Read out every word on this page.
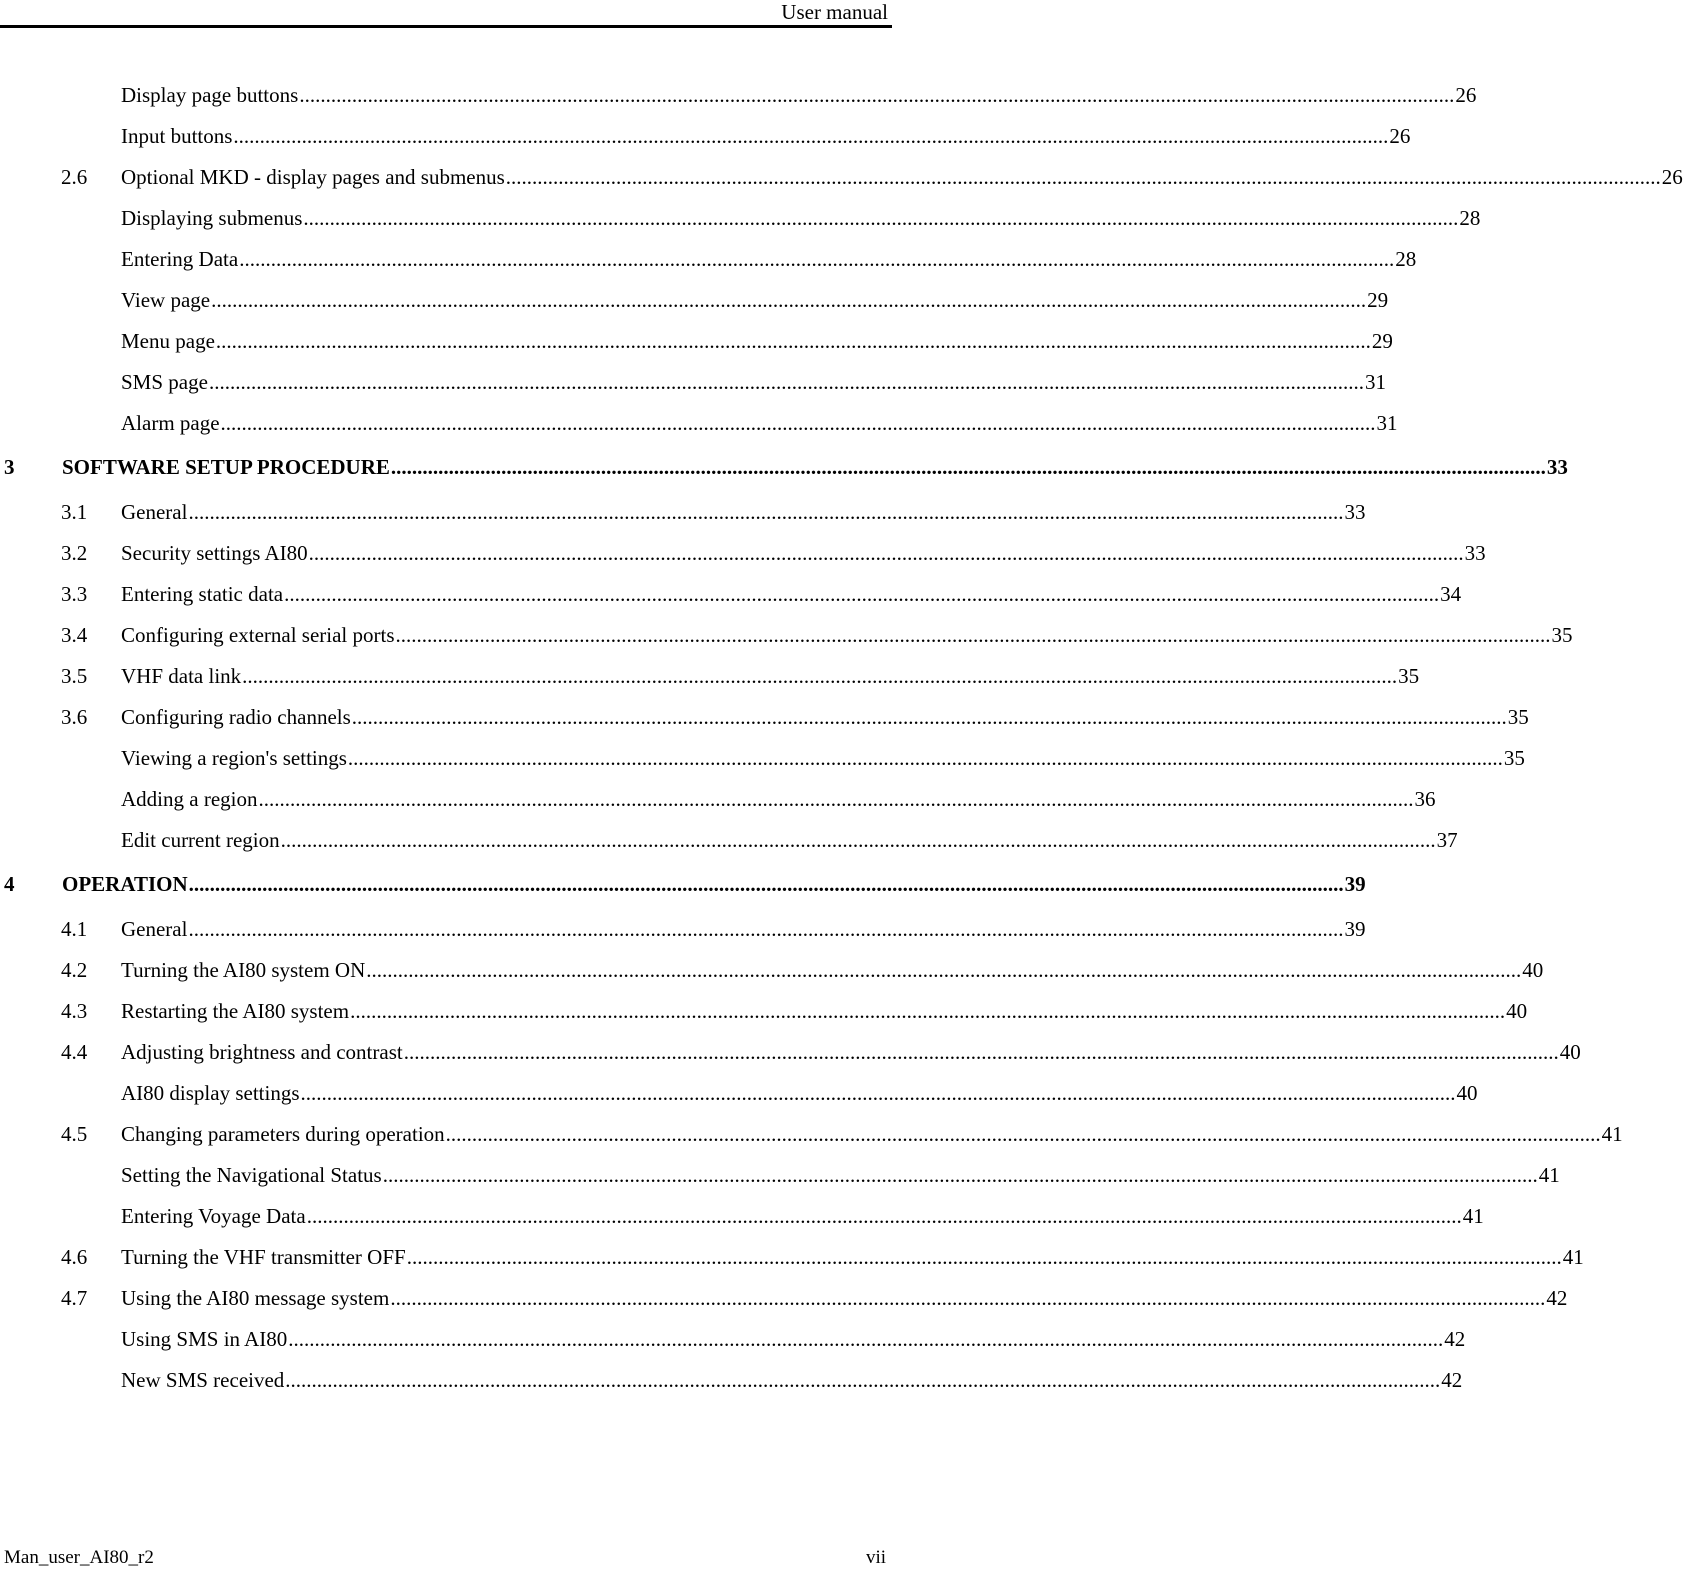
User manual
Display page buttons ............................................................................................................................................................................................................................ 26
Input buttons ............................................................................................................................................................................................................................ 26
2.6 Optional MKD - display pages and submenus ............................................................................................................................................................................................................................ 26
Displaying submenus ............................................................................................................................................................................................................................ 28
Entering Data ............................................................................................................................................................................................................................ 28
View page ............................................................................................................................................................................................................................ 29
Menu page ............................................................................................................................................................................................................................ 29
SMS page ............................................................................................................................................................................................................................ 31
Alarm page ............................................................................................................................................................................................................................ 31
3 SOFTWARE SETUP PROCEDURE ............................................................................................................................................................................................................................ 33
3.1 General ............................................................................................................................................................................................................................ 33
3.2 Security settings AI80 ............................................................................................................................................................................................................................ 33
3.3 Entering static data ............................................................................................................................................................................................................................ 34
3.4 Configuring external serial ports ............................................................................................................................................................................................................................ 35
3.5 VHF data link ............................................................................................................................................................................................................................ 35
3.6 Configuring radio channels ............................................................................................................................................................................................................................ 35
Viewing a region's settings ............................................................................................................................................................................................................................ 35
Adding a region ............................................................................................................................................................................................................................ 36
Edit current region ............................................................................................................................................................................................................................ 37
4 OPERATION ............................................................................................................................................................................................................................ 39
4.1 General ............................................................................................................................................................................................................................ 39
4.2 Turning the AI80 system ON ............................................................................................................................................................................................................................ 40
4.3 Restarting the AI80 system ............................................................................................................................................................................................................................ 40
4.4 Adjusting brightness and contrast ............................................................................................................................................................................................................................ 40
AI80 display settings ............................................................................................................................................................................................................................ 40
4.5 Changing parameters during operation ............................................................................................................................................................................................................................ 41
Setting the Navigational Status ............................................................................................................................................................................................................................ 41
Entering Voyage Data ............................................................................................................................................................................................................................ 41
4.6 Turning the VHF transmitter OFF ............................................................................................................................................................................................................................ 41
4.7 Using the AI80 message system ............................................................................................................................................................................................................................ 42
Using SMS in AI80 ............................................................................................................................................................................................................................ 42
New SMS received ............................................................................................................................................................................................................................ 42
Man_user_AI80_r2	vii
